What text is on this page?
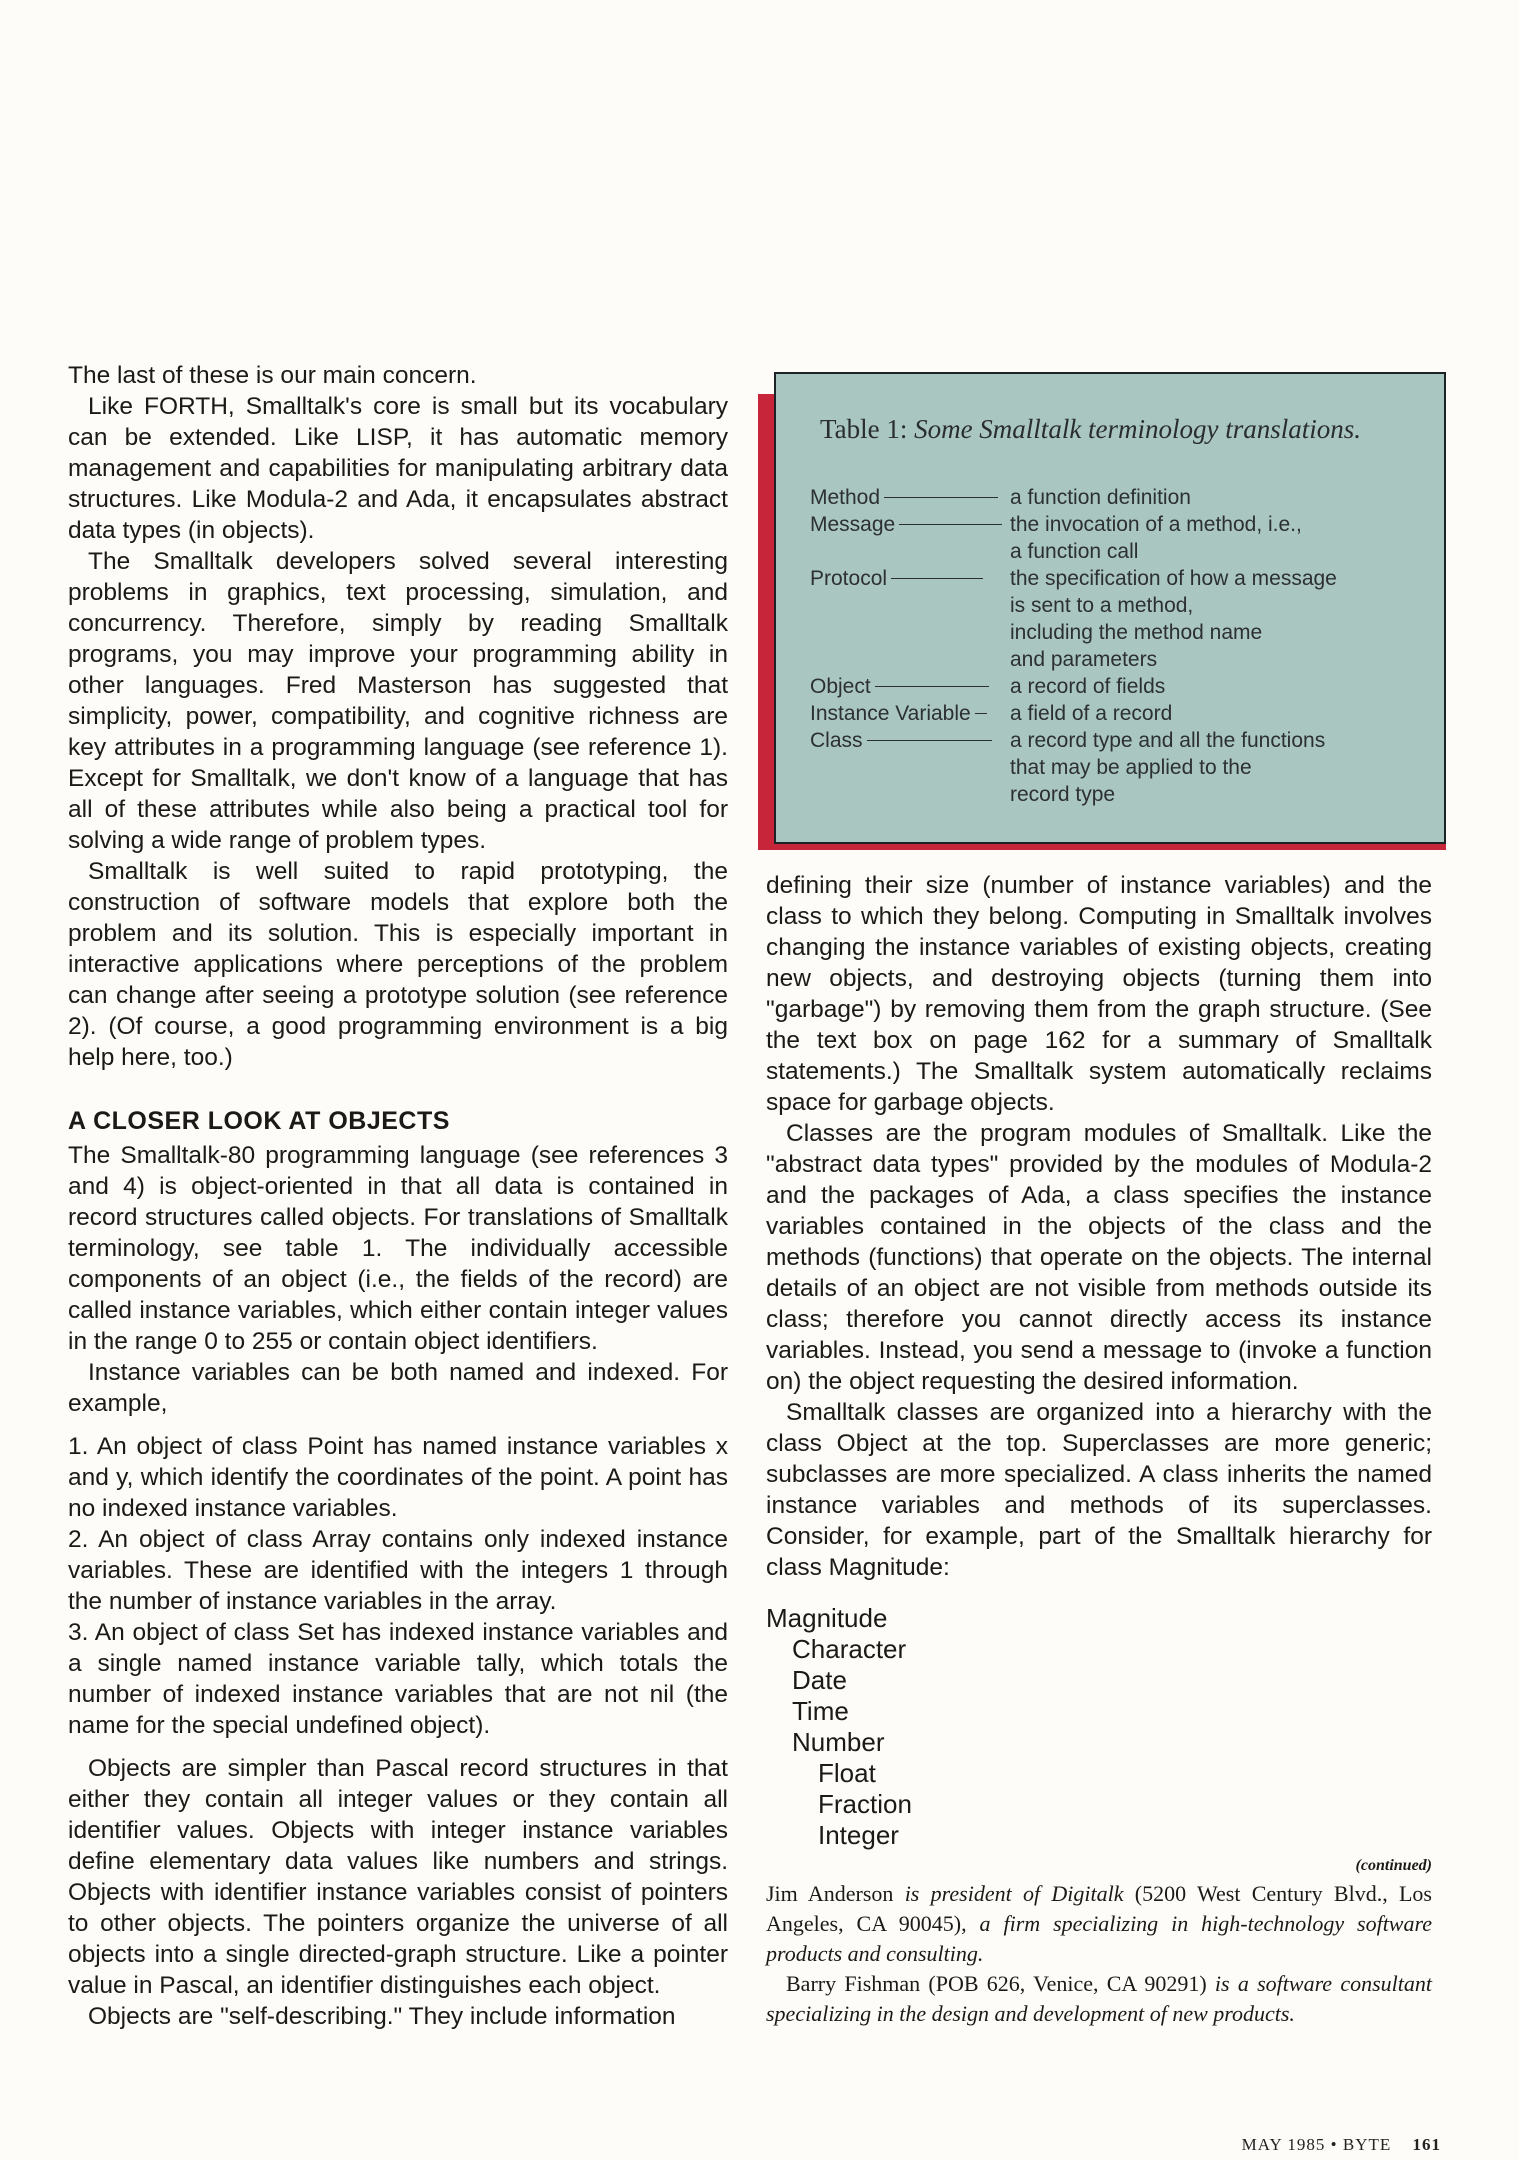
The last of these is our main concern.

Like FORTH, Smalltalk's core is small but its vocabulary can be extended. Like LISP, it has automatic memory management and capabilities for manipulating arbitrary data structures. Like Modula-2 and Ada, it encapsulates abstract data types (in objects).

The Smalltalk developers solved several interesting problems in graphics, text processing, simulation, and concurrency. Therefore, simply by reading Smalltalk programs, you may improve your programming ability in other languages. Fred Masterson has suggested that simplicity, power, compatibility, and cognitive richness are key attributes in a programming language (see reference 1). Except for Smalltalk, we don't know of a language that has all of these attributes while also being a practical tool for solving a wide range of problem types.

Smalltalk is well suited to rapid prototyping, the construction of software models that explore both the problem and its solution. This is especially important in interactive applications where perceptions of the problem can change after seeing a prototype solution (see reference 2). (Of course, a good programming environment is a big help here, too.)

A CLOSER LOOK AT OBJECTS

The Smalltalk-80 programming language (see references 3 and 4) is object-oriented in that all data is contained in record structures called objects. For translations of Smalltalk terminology, see table 1. The individually accessible components of an object (i.e., the fields of the record) are called instance variables, which either contain integer values in the range 0 to 255 or contain object identifiers.

Instance variables can be both named and indexed. For example,

1. An object of class Point has named instance variables x and y, which identify the coordinates of the point. A point has no indexed instance variables.

2. An object of class Array contains only indexed instance variables. These are identified with the integers 1 through the number of instance variables in the array.

3. An object of class Set has indexed instance variables and a single named instance variable tally, which totals the number of indexed instance variables that are not nil (the name for the special undefined object).

Objects are simpler than Pascal record structures in that either they contain all integer values or they contain all identifier values. Objects with integer instance variables define elementary data values like numbers and strings. Objects with identifier instance variables consist of pointers to other objects. The pointers organize the universe of all objects into a single directed-graph structure. Like a pointer value in Pascal, an identifier distinguishes each object.

Objects are "self-describing." They include information

Table 1: Some Smalltalk terminology translations.
Method	a function definition
Message	the invocation of a method, i.e.,
a function call
Protocol	the specification of how a message
is sent to a method,
including the method name
and parameters
Object	a record of fields
Instance Variable	a field of a record
Class	a record type and all the functions
that may be applied to the
record type

defining their size (number of instance variables) and the class to which they belong. Computing in Smalltalk involves changing the instance variables of existing objects, creating new objects, and destroying objects (turning them into "garbage") by removing them from the graph structure. (See the text box on page 162 for a summary of Smalltalk statements.) The Smalltalk system automatically reclaims space for garbage objects.

Classes are the program modules of Smalltalk. Like the "abstract data types" provided by the modules of Modula-2 and the packages of Ada, a class specifies the instance variables contained in the objects of the class and the methods (functions) that operate on the objects. The internal details of an object are not visible from methods outside its class; therefore you cannot directly access its instance variables. Instead, you send a message to (invoke a function on) the object requesting the desired information.

Smalltalk classes are organized into a hierarchy with the class Object at the top. Superclasses are more generic; subclasses are more specialized. A class inherits the named instance variables and methods of its superclasses. Consider, for example, part of the Smalltalk hierarchy for class Magnitude:

Magnitude
Character
Date
Time
Number
Float
Fraction
Integer

(continued)

Jim Anderson is president of Digitalk (5200 West Century Blvd., Los Angeles, CA 90045), a firm specializing in high-technology software products and consulting.

Barry Fishman (POB 626, Venice, CA 90291) is a software consultant specializing in the design and development of new products.

MAY 1985 • BYTE 161
